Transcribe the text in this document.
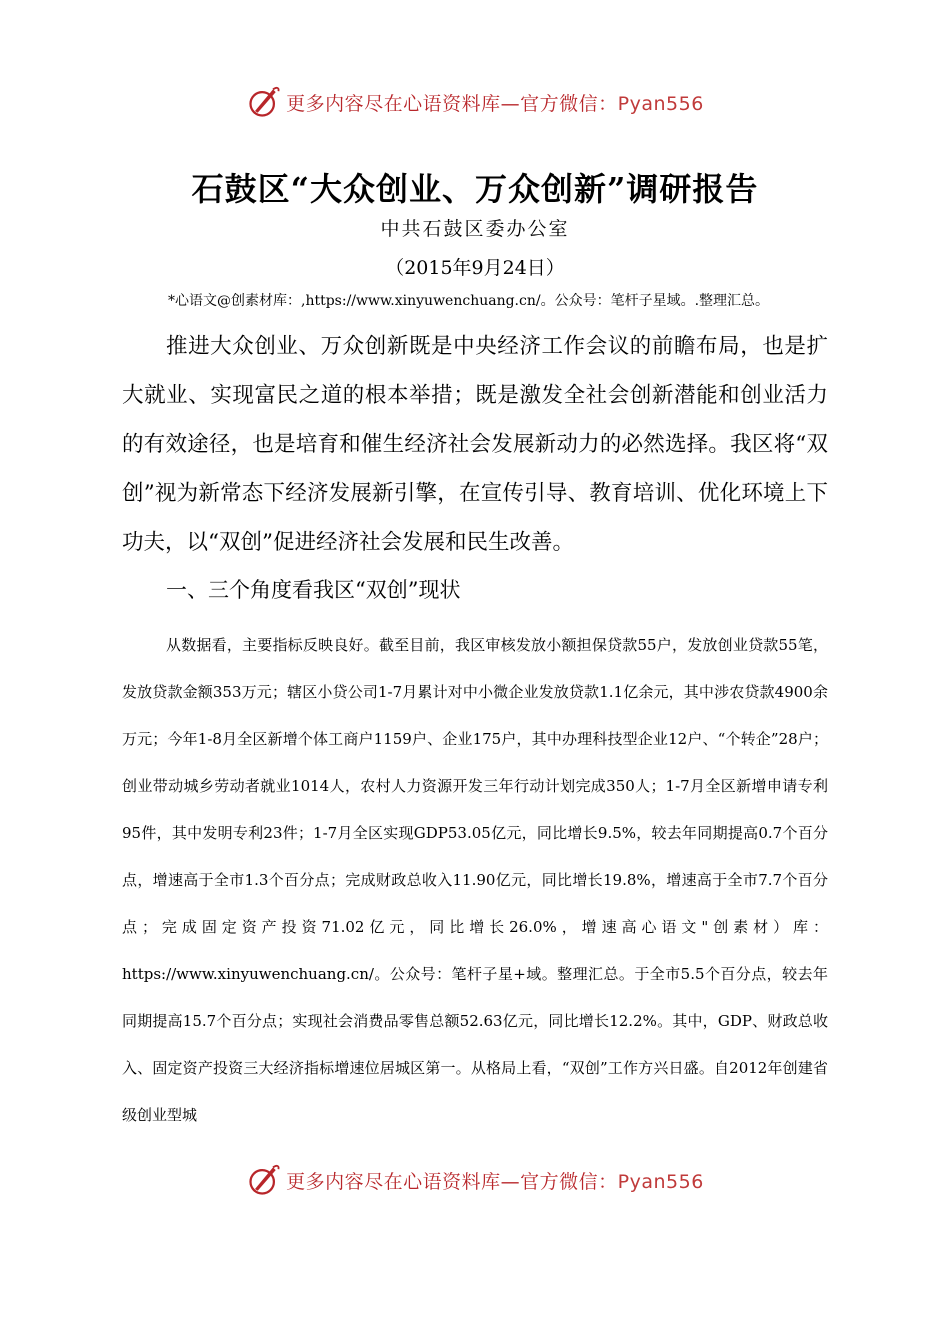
更多内容尽在心语资料库—官方微信：Pyan556
石鼓区“大众创业、万众创新”调研报告
中共石鼓区委办公室
（2015年9月24日）
*心语文@创素材库：,https://www.xinyuwenchuang.cn/。公众号：笔杆子星域。.整理汇总。
推进大众创业、万众创新既是中央经济工作会议的前瞻布局，也是扩大就业、实现富民之道的根本举措；既是激发全社会创新潜能和创业活力的有效途径，也是培育和催生经济社会发展新动力的必然选择。我区将“双创”视为新常态下经济发展新引擎，在宣传引导、教育培训、优化环境上下功夫，以“双创”促进经济社会发展和民生改善。
一、三个角度看我区“双创”现状
从数据看，主要指标反映良好。截至目前，我区审核发放小额担保贷款55户，发放创业贷款55笔，发放贷款金额353万元；辖区小贷公司1-7月累计对中小微企业发放贷款1.1亿余元，其中涉农贷款4900余万元；今年1-8月全区新增个体工商户1159户、企业175户，其中办理科技型企业12户、“个转企”28户；创业带动城乡劳动者就业1014人，农村人力资源开发三年行动计划完成350人；1-7月全区新增申请专利95件，其中发明专利23件；1-7月全区实现GDP53.05亿元，同比增长9.5%，较去年同期提高0.7个百分点，增速高于全市1.3个百分点；完成财政总收入11.90亿元，同比增长19.8%，增速高于全市7.7个百分点；完成固定资产投资71.02亿元，同比增长26.0%，增速高心语文"创素材）库：https://www.xinyuwenchuang.cn/。公众号：笔杆子星+域。整理汇总。于全市5.5个百分点，较去年同期提高15.7个百分点；实现社会消费品零售总额52.63亿元，同比增长12.2%。其中，GDP、财政总收入、固定资产投资三大经济指标增速位居城区第一。从格局上看，“双创”工作方兴日盛。自2012年创建省级创业型城
更多内容尽在心语资料库—官方微信：Pyan556
